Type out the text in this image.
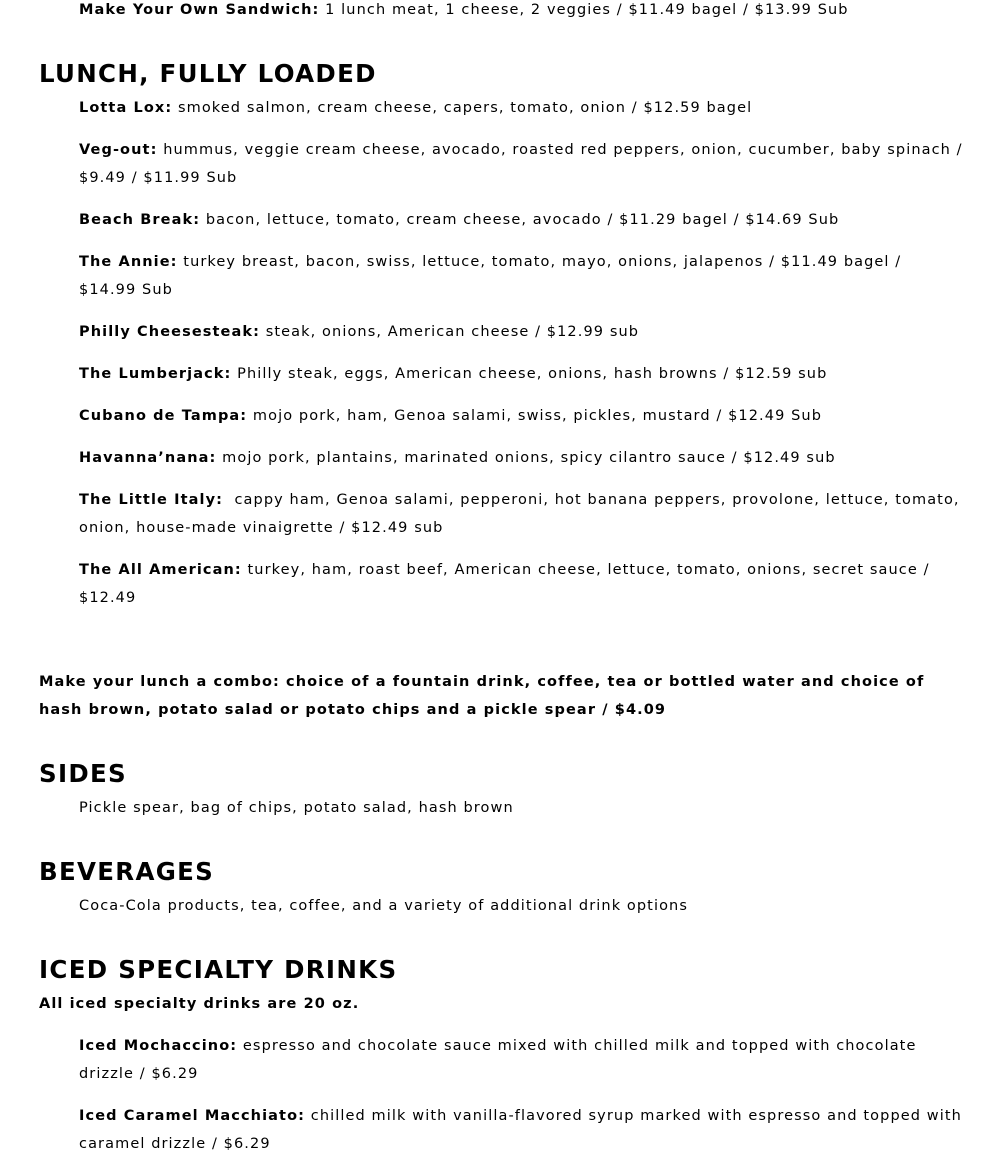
Make Your Own Sandwich: 1 lunch meat, 1 cheese, 2 veggies / $11.49 bagel / $13.99 Sub
LUNCH, FULLY LOADED
Lotta Lox: smoked salmon, cream cheese, capers, tomato, onion / $12.59 bagel
Veg-out: hummus, veggie cream cheese, avocado, roasted red peppers, onion, cucumber, baby spinach / $9.49 / $11.99 Sub
Beach Break: bacon, lettuce, tomato, cream cheese, avocado / $11.29 bagel / $14.69 Sub
The Annie: turkey breast, bacon, swiss, lettuce, tomato, mayo, onions, jalapenos / $11.49 bagel / $14.99 Sub
Philly Cheesesteak: steak, onions, American cheese / $12.99 sub
The Lumberjack: Philly steak, eggs, American cheese, onions, hash browns / $12.59 sub
Cubano de Tampa: mojo pork, ham, Genoa salami, swiss, pickles, mustard / $12.49 Sub
Havanna’nana: mojo pork, plantains, marinated onions, spicy cilantro sauce / $12.49 sub
The Little Italy:  cappy ham, Genoa salami, pepperoni, hot banana peppers, provolone, lettuce, tomato, onion, house-made vinaigrette / $12.49 sub
The All American: turkey, ham, roast beef, American cheese, lettuce, tomato, onions, secret sauce / $12.49
Make your lunch a combo: choice of a fountain drink, coffee, tea or bottled water and choice of hash brown, potato salad or potato chips and a pickle spear / $4.09
SIDES
Pickle spear, bag of chips, potato salad, hash brown
BEVERAGES
Coca-Cola products, tea, coffee, and a variety of additional drink options
ICED SPECIALTY DRINKS
All iced specialty drinks are 20 oz.
Iced Mochaccino: espresso and chocolate sauce mixed with chilled milk and topped with chocolate drizzle / $6.29
Iced Caramel Macchiato: chilled milk with vanilla-flavored syrup marked with espresso and topped with caramel drizzle / $6.29
